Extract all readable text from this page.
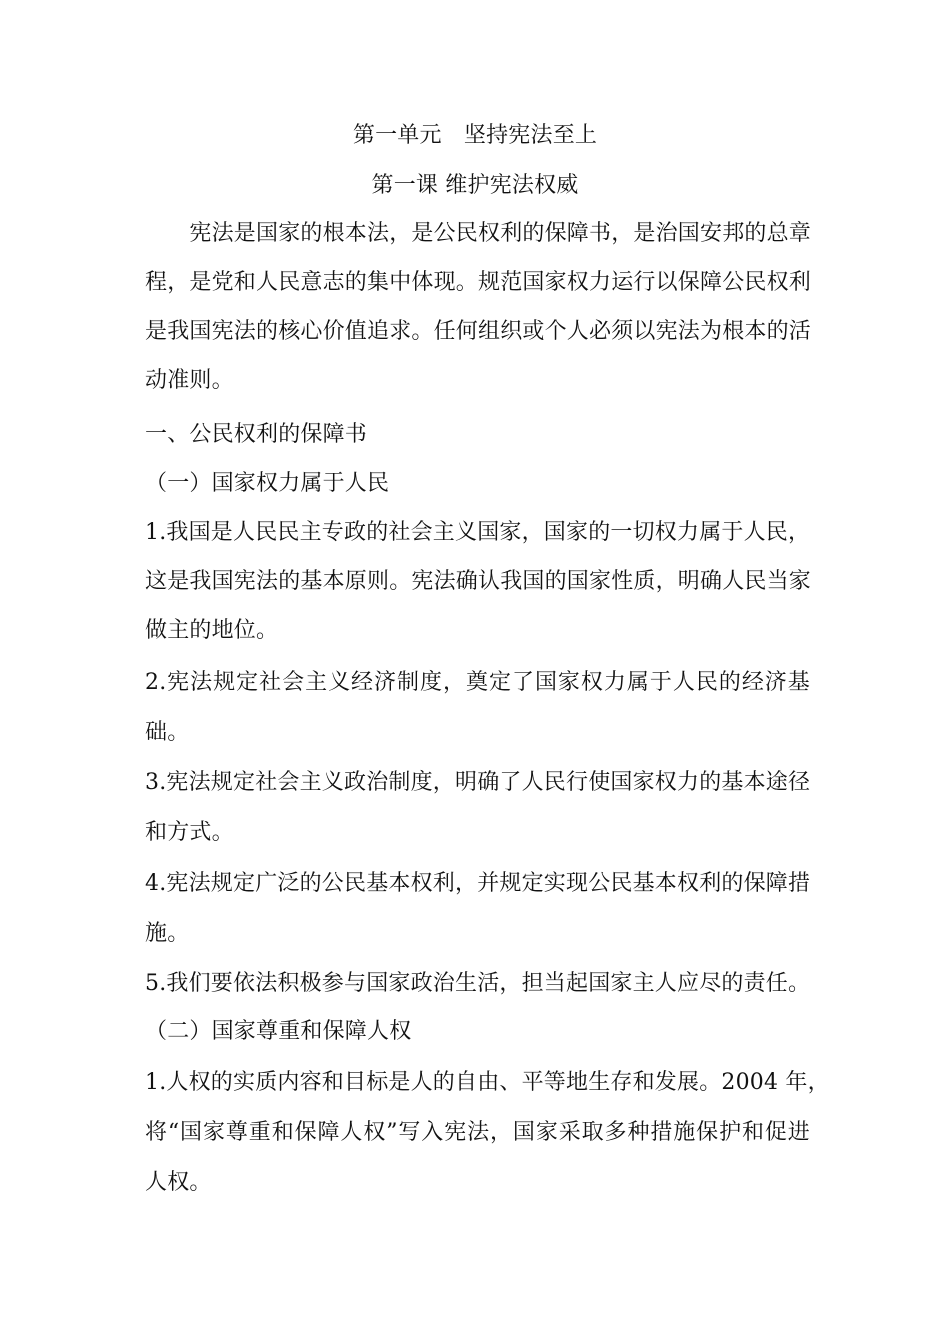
第一单元　坚持宪法至上
第一课 维护宪法权威
　　宪法是国家的根本法，是公民权利的保障书，是治国安邦的总章
程，是党和人民意志的集中体现。规范国家权力运行以保障公民权利
是我国宪法的核心价值追求。任何组织或个人必须以宪法为根本的活
动准则。
一、公民权利的保障书
（一）国家权力属于人民
1.我国是人民民主专政的社会主义国家，国家的一切权力属于人民，
这是我国宪法的基本原则。宪法确认我国的国家性质，明确人民当家
做主的地位。
2.宪法规定社会主义经济制度，奠定了国家权力属于人民的经济基
础。
3.宪法规定社会主义政治制度，明确了人民行使国家权力的基本途径
和方式。
4.宪法规定广泛的公民基本权利，并规定实现公民基本权利的保障措
施。
5.我们要依法积极参与国家政治生活，担当起国家主人应尽的责任。
（二）国家尊重和保障人权
1.人权的实质内容和目标是人的自由、平等地生存和发展。2004 年，
将“国家尊重和保障人权”写入宪法，国家采取多种措施保护和促进
人权。
